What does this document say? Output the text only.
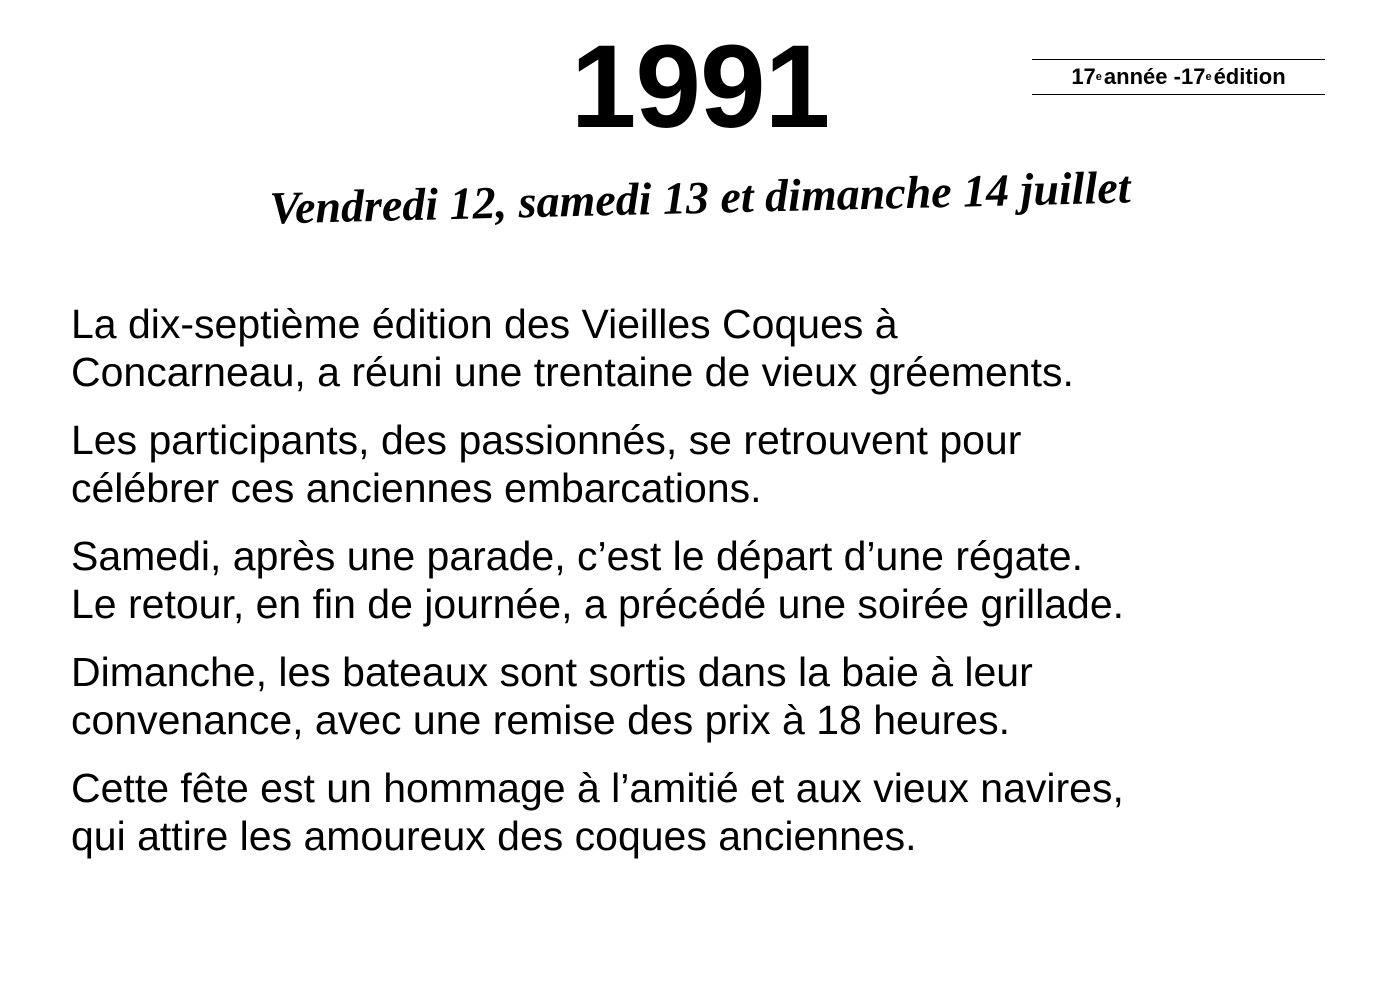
1991	17 e année - 17 e édition
Vendredi 12, samedi 13 et dimanche 14 juillet

La dix-septième édition des Vieilles Coques à
Concarneau, a réuni une trentaine de vieux gréements.

Les participants, des passionnés, se retrouvent pour
célébrer ces anciennes embarcations.

Samedi, après une parade, c’est le départ d’une régate.
Le retour, en fin de journée, a précédé une soirée grillade.

Dimanche, les bateaux sont sortis dans la baie à leur
convenance, avec une remise des prix à 18 heures.

Cette fête est un hommage à l’amitié et aux vieux navires,
qui attire les amoureux des coques anciennes.
